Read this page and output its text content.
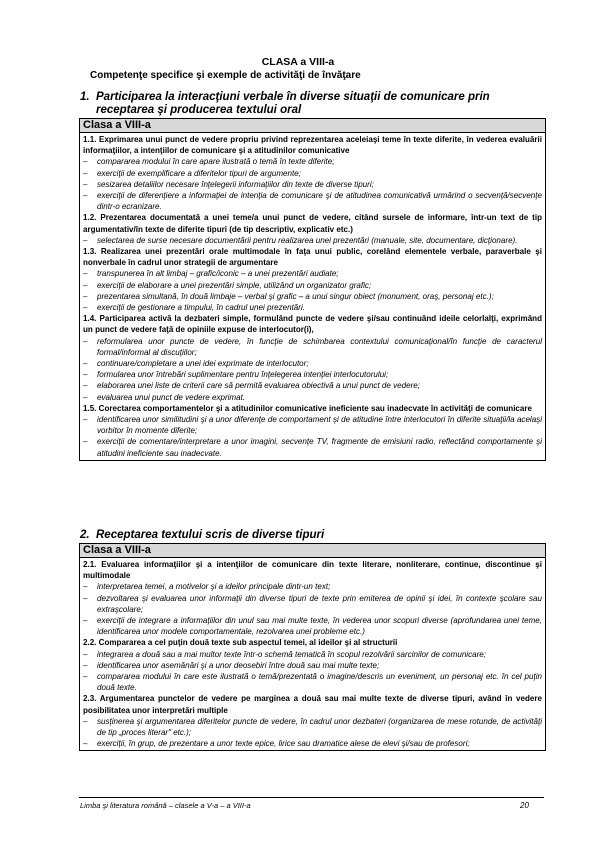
CLASA a VIII-a
Competenţe specifice şi exemple de activităţi de învăţare
1. Participarea la interacţiuni verbale în diverse situaţii de comunicare prin
receptarea şi producerea textului oral
Clasa a VIII-a
1.1. Exprimarea unui punct de vedere propriu privind reprezentarea aceleiaşi teme în texte diferite, în vederea evaluării informaţiilor, a intenţiilor de comunicare şi a atitudinilor comunicative
–	compararea modului în care apare ilustrată o temă în texte diferite;
–	exerciţii de exemplificare a diferitelor tipuri de argumente;
–	sesizarea detaliilor necesare înţelegerii informaţiilor din texte de diverse tipuri;
–	exerciţii de diferenţiere a informaţiei de intenţia de comunicare şi de atitudinea comunicativă urmărind o secvenţă/secvenţe dintr-o ecranizare.
1.2. Prezentarea documentată a unei teme/a unui punct de vedere, citând sursele de informare, într-un text de tip argumentativ/în texte de diferite tipuri (de tip descriptiv, explicativ etc.)
–	selectarea de surse necesare documentării pentru realizarea unei prezentări (manuale, site, documentare, dicţionare).
1.3. Realizarea unei prezentări orale multimodale în faţa unui public, corelând elementele verbale, paraverbale şi nonverbale în cadrul unor strategii de argumentare
–	transpunerea în alt limbaj – grafic/iconic – a unei prezentări audiate;
–	exerciţii de elaborare a unei prezentări simple, utilizând un organizator grafic;
–	prezentarea simultană, în două limbaje – verbal şi grafic – a unui singur obiect (monument, oraş, personaj etc.);
–	exerciţii de gestionare a timpului, în cadrul unei prezentări.
1.4. Participarea activă la dezbateri simple, formulând puncte de vedere şi/sau continuând ideile celorlalţi, exprimând un punct de vedere faţă de opiniile expuse de interlocutor(i),
–	reformularea unor puncte de vedere, în funcţie de schimbarea contextului comunicaţional/în funcţie de caracterul formal/informal al discuţiilor;
–	continuare/completare a unei idei exprimate de interlocutor;
–	formularea unor întrebări suplimentare pentru înţelegerea intenţiei interlocutorului;
–	elaborarea unei liste de criterii care să permită evaluarea obiectivă a unui punct de vedere;
–	evaluarea unui punct de vedere exprimat.
1.5. Corectarea comportamentelor şi a atitudinilor comunicative ineficiente sau inadecvate în activităţi de comunicare
–	identificarea unor similitudini şi a unor diferenţe de comportament şi de atitudine între interlocutori în diferite situaţii/la acelaşi vorbitor în momente diferite;
–	exerciţii de comentare/interpretare a unor imagini, secvenţe TV, fragmente de emisiuni radio, reflectând comportamente şi atitudini ineficiente sau inadecvate.
2. Receptarea textului scris de diverse tipuri
Clasa a VIII-a
2.1. Evaluarea informaţiilor şi a intenţiilor de comunicare din texte literare, nonliterare, continue, discontinue şi multimodale
–	interpretarea temei, a motivelor şi a ideilor principale dintr-un text;
–	dezvoltarea şi evaluarea unor informaţii din diverse tipuri de texte prin emiterea de opinii şi idei, în contexte şcolare sau extraşcolare;
–	exerciţii de integrare a informaţiilor din unul sau mai multe texte, în vederea unor scopuri diverse (aprofundarea unei teme, identificarea unor modele comportamentale, rezolvarea unei probleme etc.)
2.2. Compararea a cel puţin două texte sub aspectul temei, al ideilor şi al structurii
–	integrarea a două sau a mai multor texte într-o schemă tematică în scopul rezolvării sarcinilor de comunicare;
–	identificarea unor asemănări şi a unor deosebiri între două sau mai multe texte;
–	compararea modului în care este ilustrată o temă/prezentată o imagine/descris un eveniment, un personaj etc. în cel puţin două texte.
2.3. Argumentarea punctelor de vedere pe marginea a două sau mai multe texte de diverse tipuri, având în vedere posibilitatea unor interpretări multiple
–	susţinerea şi argumentarea diferitelor puncte de vedere, în cadrul unor dezbateri (organizarea de mese rotunde, de activităţi de tip „proces literar" etc.);
–	exerciţii, în grup, de prezentare a unor texte epice, lirice sau dramatice alese de elevi şi/sau de profesori;
Limba şi literatura română – clasele a V-a – a VIII-a	20
